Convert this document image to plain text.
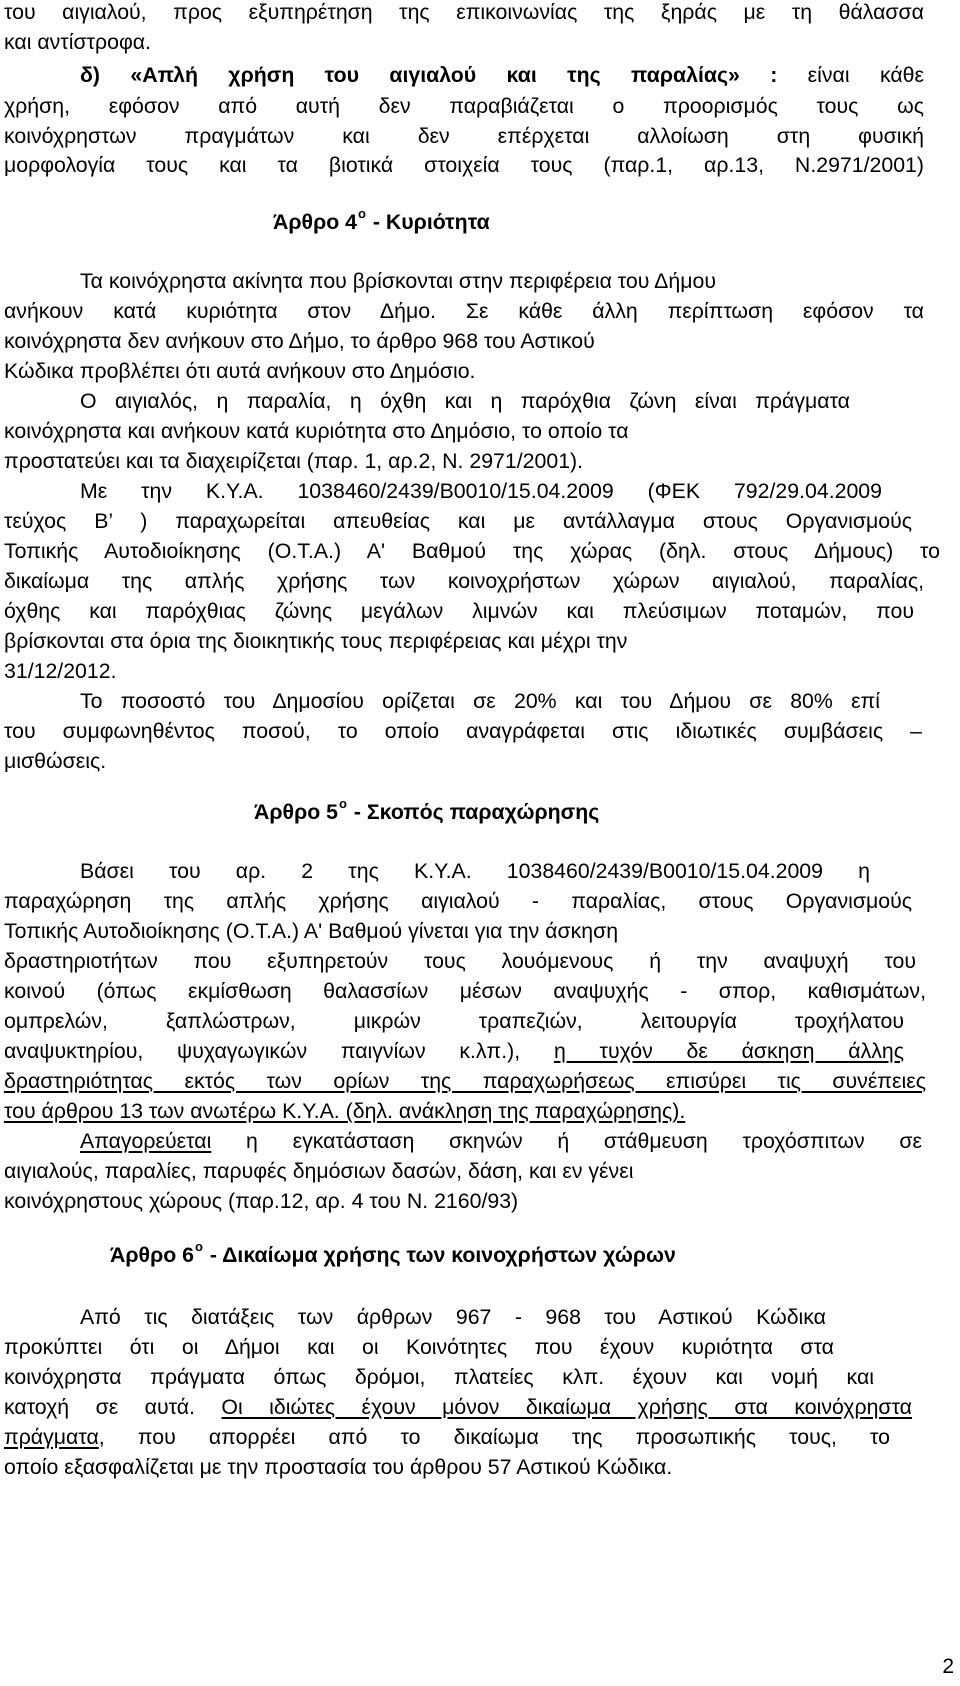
του αιγιαλού, προς εξυπηρέτηση της επικοινωνίας της ξηράς με τη θάλασσα

και αντίστροφα.

δ) «Απλή χρήση του αιγιαλού και της παραλίας» : είναι κάθε

χρήση, εφόσον από αυτή δεν παραβιάζεται ο προορισμός τους ως

κοινόχρηστων πραγμάτων και δεν επέρχεται αλλοίωση στη φυσική

μορφολογία τους και τα βιοτικά στοιχεία τους (παρ.1, αρ.13, Ν.2971/2001)

Άρθρο $4^o$ - Κυριότητα

Τα κοινόχρηστα ακίνητα που βρίσκονται στην περιφέρεια του Δήμου

ανήκουν κατά κυριότητα στον Δήμο. Σε κάθε άλλη περίπτωση εφόσον τα

κοινόχρηστα δεν ανήκουν στο Δήμο, το άρθρο 968 του Αστικού

Κώδικα προβλέπει ότι αυτά ανήκουν στο Δημόσιο.

Ο αιγιαλός, η παραλία, η όχθη και η παρόχθια ζώνη είναι πράγματα

κοινόχρηστα και ανήκουν κατά κυριότητα στο Δημόσιο, το οποίο τα

προστατεύει και τα διαχειρίζεται (παρ. 1, αρ.2, Ν. 2971/2001).

Με την Κ.Υ.Α. 1038460/2439/Β0010/15.04.2009 (ΦΕΚ 792/29.04.2009

τεύχος Β’ ) παραχωρείται απευθείας και με αντάλλαγμα στους Οργανισμούς

Τοπικής Αυτοδιοίκησης (Ο.Τ.Α.) Α' Βαθμού της χώρας (δηλ. στους Δήμους) το

δικαίωμα της απλής χρήσης των κοινοχρήστων χώρων αιγιαλού, παραλίας,

όχθης και παρόχθιας ζώνης μεγάλων λιμνών και πλεύσιμων ποταμών, που

βρίσκονται στα όρια της διοικητικής τους περιφέρειας και μέχρι την

31/12/2012.

Το ποσοστό του Δημοσίου ορίζεται σε 20% και του Δήμου σε 80% επί

του συμφωνηθέντος ποσού, το οποίο αναγράφεται στις ιδιωτικές συμβάσεις –

μισθώσεις.

Άρθρο $5^o$ - Σκοπός παραχώρησης

Βάσει του αρ. 2 της Κ.Υ.Α. 1038460/2439/Β0010/15.04.2009 η

παραχώρηση της απλής χρήσης αιγιαλού - παραλίας, στους Οργανισμούς

Τοπικής Αυτοδιοίκησης (Ο.Τ.Α.) Α' Βαθμού γίνεται για την άσκηση

δραστηριοτήτων που εξυπηρετούν τους λουόμενους ή την αναψυχή του

κοινού (όπως εκμίσθωση θαλασσίων μέσων αναψυχής - σπορ, καθισμάτων,

ομπρελών, ξαπλώστρων, μικρών τραπεζιών, λειτουργία τροχήλατου

αναψυκτηρίου, ψυχαγωγικών παιγνίων κ.λπ.), η τυχόν δε άσκηση άλλης

δραστηριότητας εκτός των ορίων της παραχωρήσεως επισύρει τις συνέπειες

του άρθρου 13 των ανωτέρω Κ.Υ.Α. (δηλ. ανάκληση της παραχώρησης).

Απαγορεύεται η εγκατάσταση σκηνών ή στάθμευση τροχόσπιτων σε

αιγιαλούς, παραλίες, παρυφές δημόσιων δασών, δάση, και εν γένει

κοινόχρηστους χώρους (παρ.12, αρ. 4 του Ν. 2160/93)

Άρθρο $6^o$ - Δικαίωμα χρήσης των κοινοχρήστων χώρων

Από τις διατάξεις των άρθρων 967 - 968 του Αστικού Κώδικα

προκύπτει ότι οι Δήμοι και οι Κοινότητες που έχουν κυριότητα στα

κοινόχρηστα πράγματα όπως δρόμοι, πλατείες κλπ. έχουν και νομή και

κατοχή σε αυτά. Οι ιδιώτες έχουν μόνον δικαίωμα χρήσης στα κοινόχρηστα

πράγματα, που απορρέει από το δικαίωμα της προσωπικής τους, το

οποίο εξασφαλίζεται με την προστασία του άρθρου 57 Αστικού Κώδικα.

2
